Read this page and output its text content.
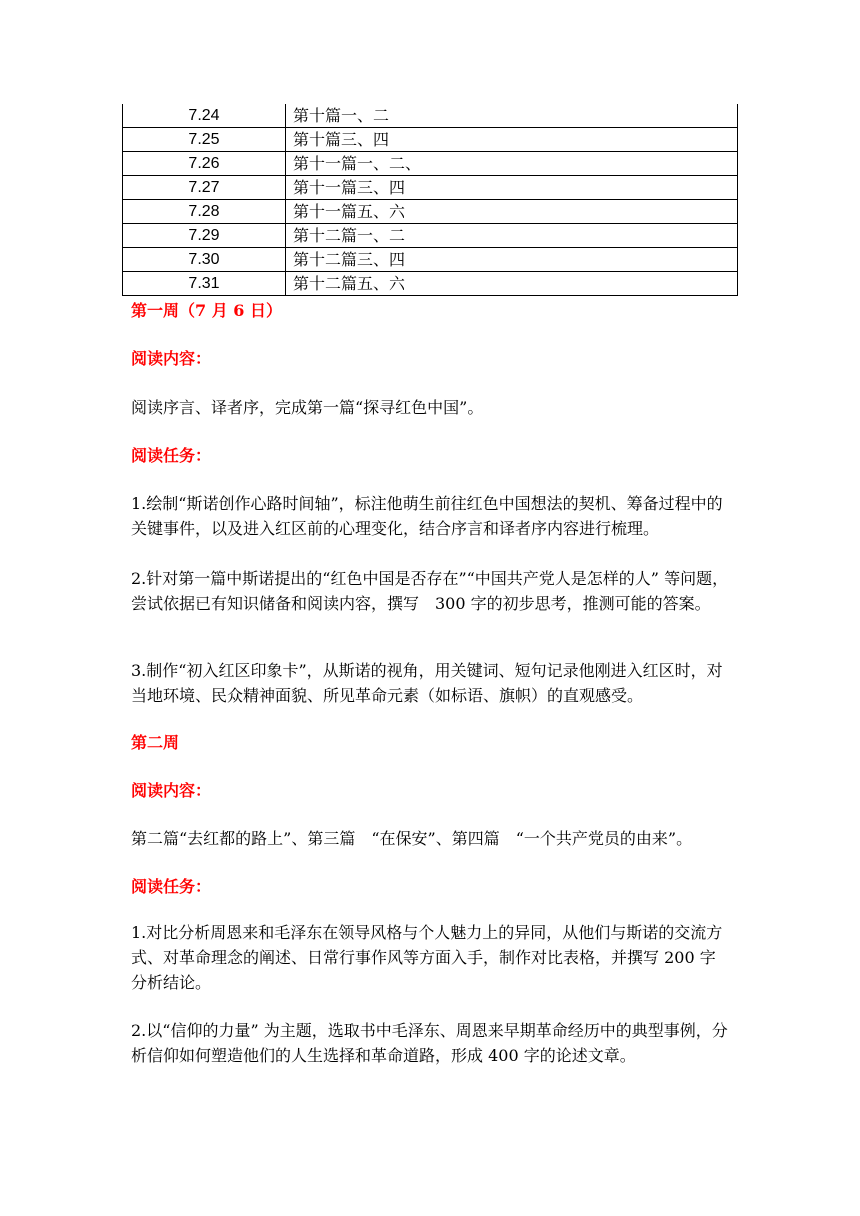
7.24	第十篇一、二
7.25	第十篇三、四
7.26	第十一篇一、二、
7.27	第十一篇三、四
7.28	第十一篇五、六
7.29	第十二篇一、二
7.30	第十二篇三、四
7.31	第十二篇五、六

第一周（7 月 6 日）

阅读内容：

阅读序言、译者序，完成第一篇“探寻红色中国”。

阅读任务：

1.绘制“斯诺创作心路时间轴”，标注他萌生前往红色中国想法的契机、筹备过程中的关键事件，以及进入红区前的心理变化，结合序言和译者序内容进行梳理。

2.针对第一篇中斯诺提出的“红色中国是否存在”“中国共产党人是怎样的人” 等问题，尝试依据已有知识储备和阅读内容，撰写　300 字的初步思考，推测可能的答案。

3.制作“初入红区印象卡”，从斯诺的视角，用关键词、短句记录他刚进入红区时，对当地环境、民众精神面貌、所见革命元素（如标语、旗帜）的直观感受。

第二周

阅读内容：

第二篇“去红都的路上”、第三篇　“在保安”、第四篇　“一个共产党员的由来”。

阅读任务：

1.对比分析周恩来和毛泽东在领导风格与个人魅力上的异同，从他们与斯诺的交流方式、对革命理念的阐述、日常行事作风等方面入手，制作对比表格，并撰写 200 字分析结论。

2.以“信仰的力量” 为主题，选取书中毛泽东、周恩来早期革命经历中的典型事例，分析信仰如何塑造他们的人生选择和革命道路，形成 400 字的论述文章。
